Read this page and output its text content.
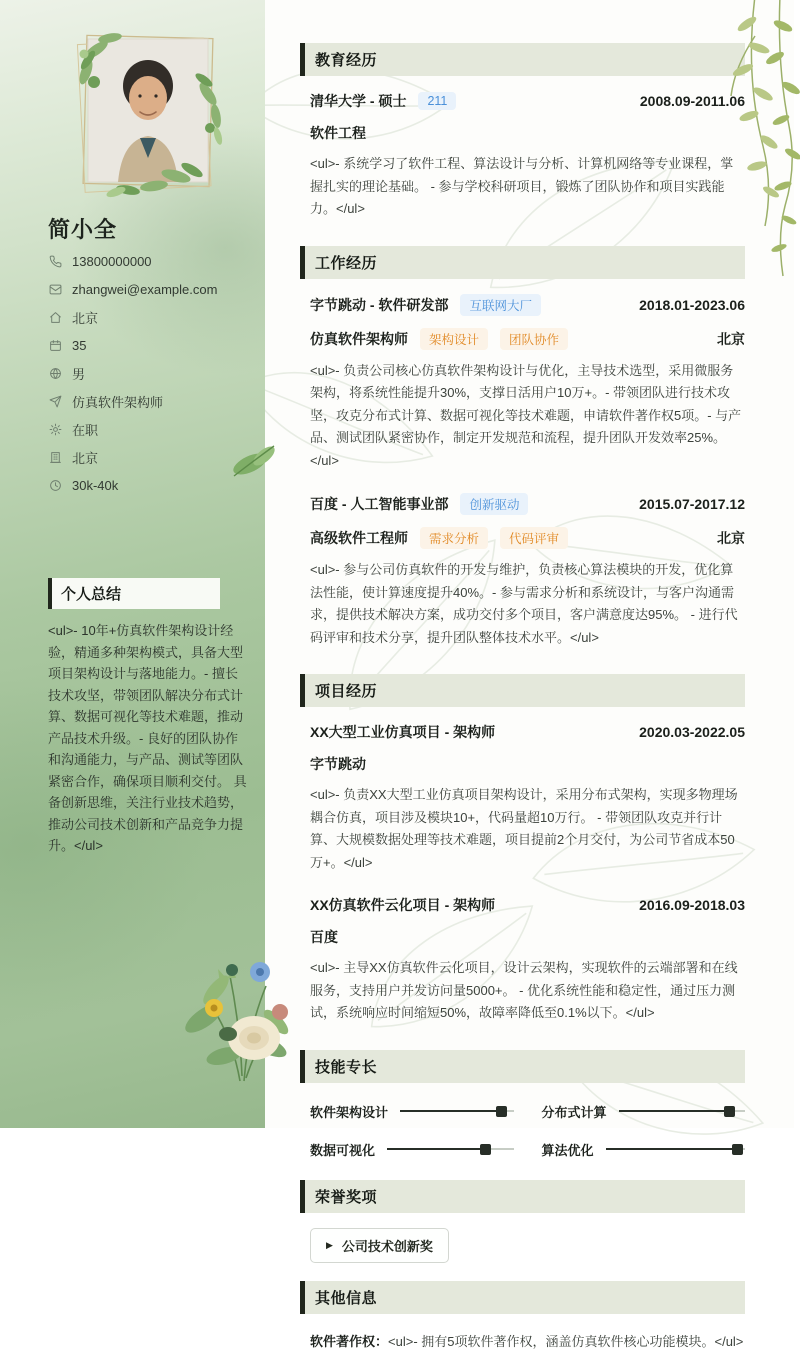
简小全
13800000000
zhangwei@example.com
北京
35
男
仿真软件架构师
在职
北京
30k-40k
个人总结
<ul>- 10年+仿真软件架构设计经验，精通多种架构模式，具备大型项目架构设计与落地能力。- 擅长技术攻坚，带领团队解决分布式计算、数据可视化等技术难题，推动产品技术升级。- 良好的团队协作和沟通能力，与产品、测试等团队紧密合作，确保项目顺利交付。 具备创新思维，关注行业技术趋势，推动公司技术创新和产品竞争力提升。</ul>
教育经历
清华大学 - 硕士	211	2008.09-2011.06
软件工程
<ul>- 系统学习了软件工程、算法设计与分析、计算机网络等专业课程，掌握扎实的理论基础。 - 参与学校科研项目，锻炼了团队协作和项目实践能力。</ul>
工作经历
字节跳动 - 软件研发部	互联网大厂	2018.01-2023.06
仿真软件架构师	架构设计	团队协作	北京
<ul>- 负责公司核心仿真软件架构设计与优化，主导技术选型，采用微服务架构，将系统性能提升30%，支撑日活用户10万+。- 带领团队进行技术攻坚，攻克分布式计算、数据可视化等技术难题，申请软件著作权5项。- 与产品、测试团队紧密协作，制定开发规范和流程，提升团队开发效率25%。</ul>
百度 - 人工智能事业部	创新驱动	2015.07-2017.12
高级软件工程师	需求分析	代码评审	北京
<ul>- 参与公司仿真软件的开发与维护，负责核心算法模块的开发，优化算法性能，使计算速度提升40%。- 参与需求分析和系统设计，与客户沟通需求，提供技术解决方案，成功交付多个项目，客户满意度达95%。 - 进行代码评审和技术分享，提升团队整体技术水平。</ul>
项目经历
XX大型工业仿真项目 - 架构师	2020.03-2022.05
字节跳动
<ul>- 负责XX大型工业仿真项目架构设计，采用分布式架构，实现多物理场耦合仿真，项目涉及模块10+，代码量超10万行。 - 带领团队攻克并行计算、大规模数据处理等技术难题，项目提前2个月交付，为公司节省成本50万+。</ul>
XX仿真软件云化项目 - 架构师	2016.09-2018.03
百度
<ul>- 主导XX仿真软件云化项目，设计云架构，实现软件的云端部署和在线服务，支持用户并发访问量5000+。 - 优化系统性能和稳定性，通过压力测试，系统响应时间缩短50%，故障率降低至0.1%以下。</ul>
技能专长
软件架构设计	分布式计算
数据可视化	算法优化
荣誉奖项
▶ 公司技术创新奖
其他信息
软件著作权：<ul>- 拥有5项软件著作权，涵盖仿真软件核心功能模块。</ul>
